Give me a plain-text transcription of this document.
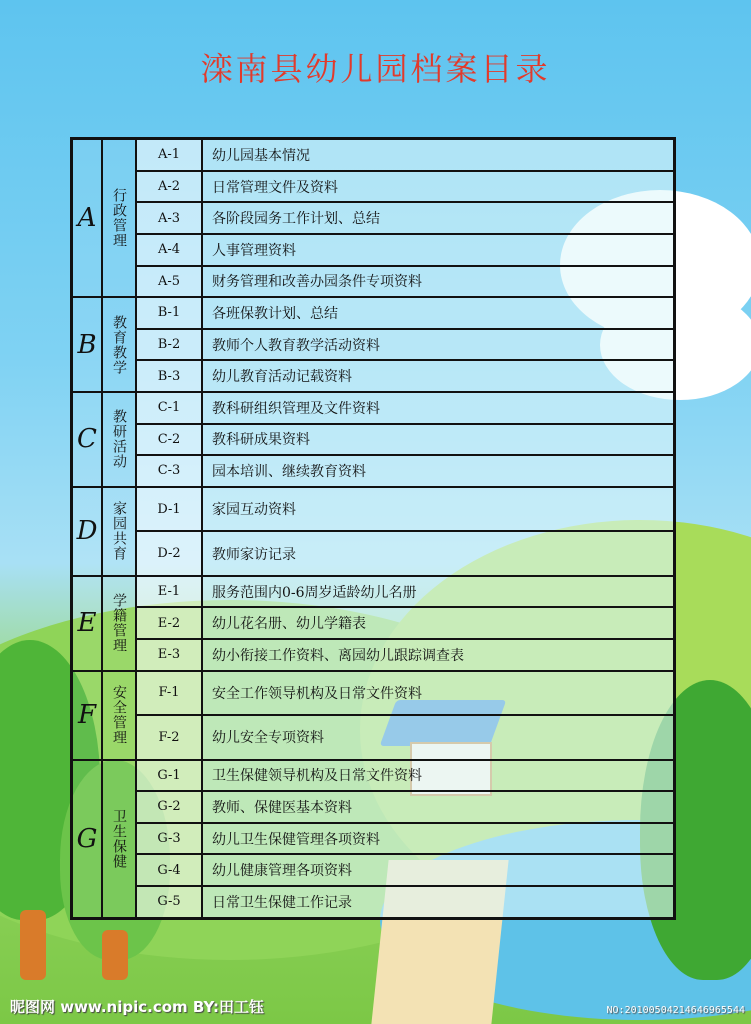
滦南县幼儿园档案目录
A	行政管理	A-1	幼儿园基本情况
		A-2	日常管理文件及资料
		A-3	各阶段园务工作计划、总结
		A-4	人事管理资料
		A-5	财务管理和改善办园条件专项资料
B	教育教学	B-1	各班保教计划、总结
		B-2	教师个人教育教学活动资料
		B-3	幼儿教育活动记载资料
C	教研活动	C-1	教科研组织管理及文件资料
		C-2	教科研成果资料
		C-3	园本培训、继续教育资料
D	家园共育	D-1	家园互动资料
		D-2	教师家访记录
E	学籍管理	E-1	服务范围内0-6周岁适龄幼儿名册
		E-2	幼儿花名册、幼儿学籍表
		E-3	幼小衔接工作资料、离园幼儿跟踪调查表
F	安全管理	F-1	安全工作领导机构及日常文件资料
		F-2	幼儿安全专项资料
G	卫生保健	G-1	卫生保健领导机构及日常文件资料
		G-2	教师、保健医基本资料
		G-3	幼儿卫生保健管理各项资料
		G-4	幼儿健康管理各项资料
		G-5	日常卫生保健工作记录
昵图网 www.nipic.com BY:田工钰	NO:20100504214646965544
